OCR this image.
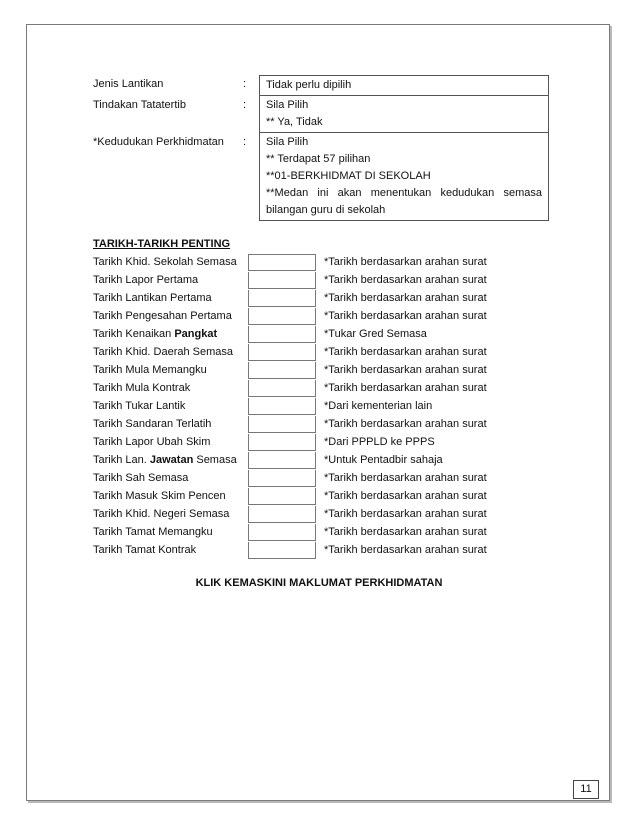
Jenis Lantikan	:	Tidak perlu dipilih
Tindakan Tatatertib	:	Sila Pilih
** Ya, Tidak
*Kedudukan Perkhidmatan	:	Sila Pilih
** Terdapat 57 pilihan
**01-BERKHIDMAT DI SEKOLAH
**Medan ini akan menentukan kedudukan semasa
bilangan guru di sekolah
TARIKH-TARIKH PENTING
Tarikh Khid. Sekolah Semasa	*Tarikh berdasarkan arahan surat
Tarikh Lapor Pertama	*Tarikh berdasarkan arahan surat
Tarikh Lantikan Pertama	*Tarikh berdasarkan arahan surat
Tarikh Pengesahan Pertama	*Tarikh berdasarkan arahan surat
Tarikh Kenaikan Pangkat	*Tukar Gred Semasa
Tarikh Khid. Daerah Semasa	*Tarikh berdasarkan arahan surat
Tarikh Mula Memangku	*Tarikh berdasarkan arahan surat
Tarikh Mula Kontrak	*Tarikh berdasarkan arahan surat
Tarikh Tukar Lantik	*Dari kementerian lain
Tarikh Sandaran Terlatih	*Tarikh berdasarkan arahan surat
Tarikh Lapor Ubah Skim	*Dari PPPLD ke PPPS
Tarikh Lan. Jawatan Semasa	*Untuk Pentadbir sahaja
Tarikh Sah Semasa	*Tarikh berdasarkan arahan surat
Tarikh Masuk Skim Pencen	*Tarikh berdasarkan arahan surat
Tarikh Khid. Negeri Semasa	*Tarikh berdasarkan arahan surat
Tarikh Tamat Memangku	*Tarikh berdasarkan arahan surat
Tarikh Tamat Kontrak	*Tarikh berdasarkan arahan surat
KLIK KEMASKINI MAKLUMAT PERKHIDMATAN
11
